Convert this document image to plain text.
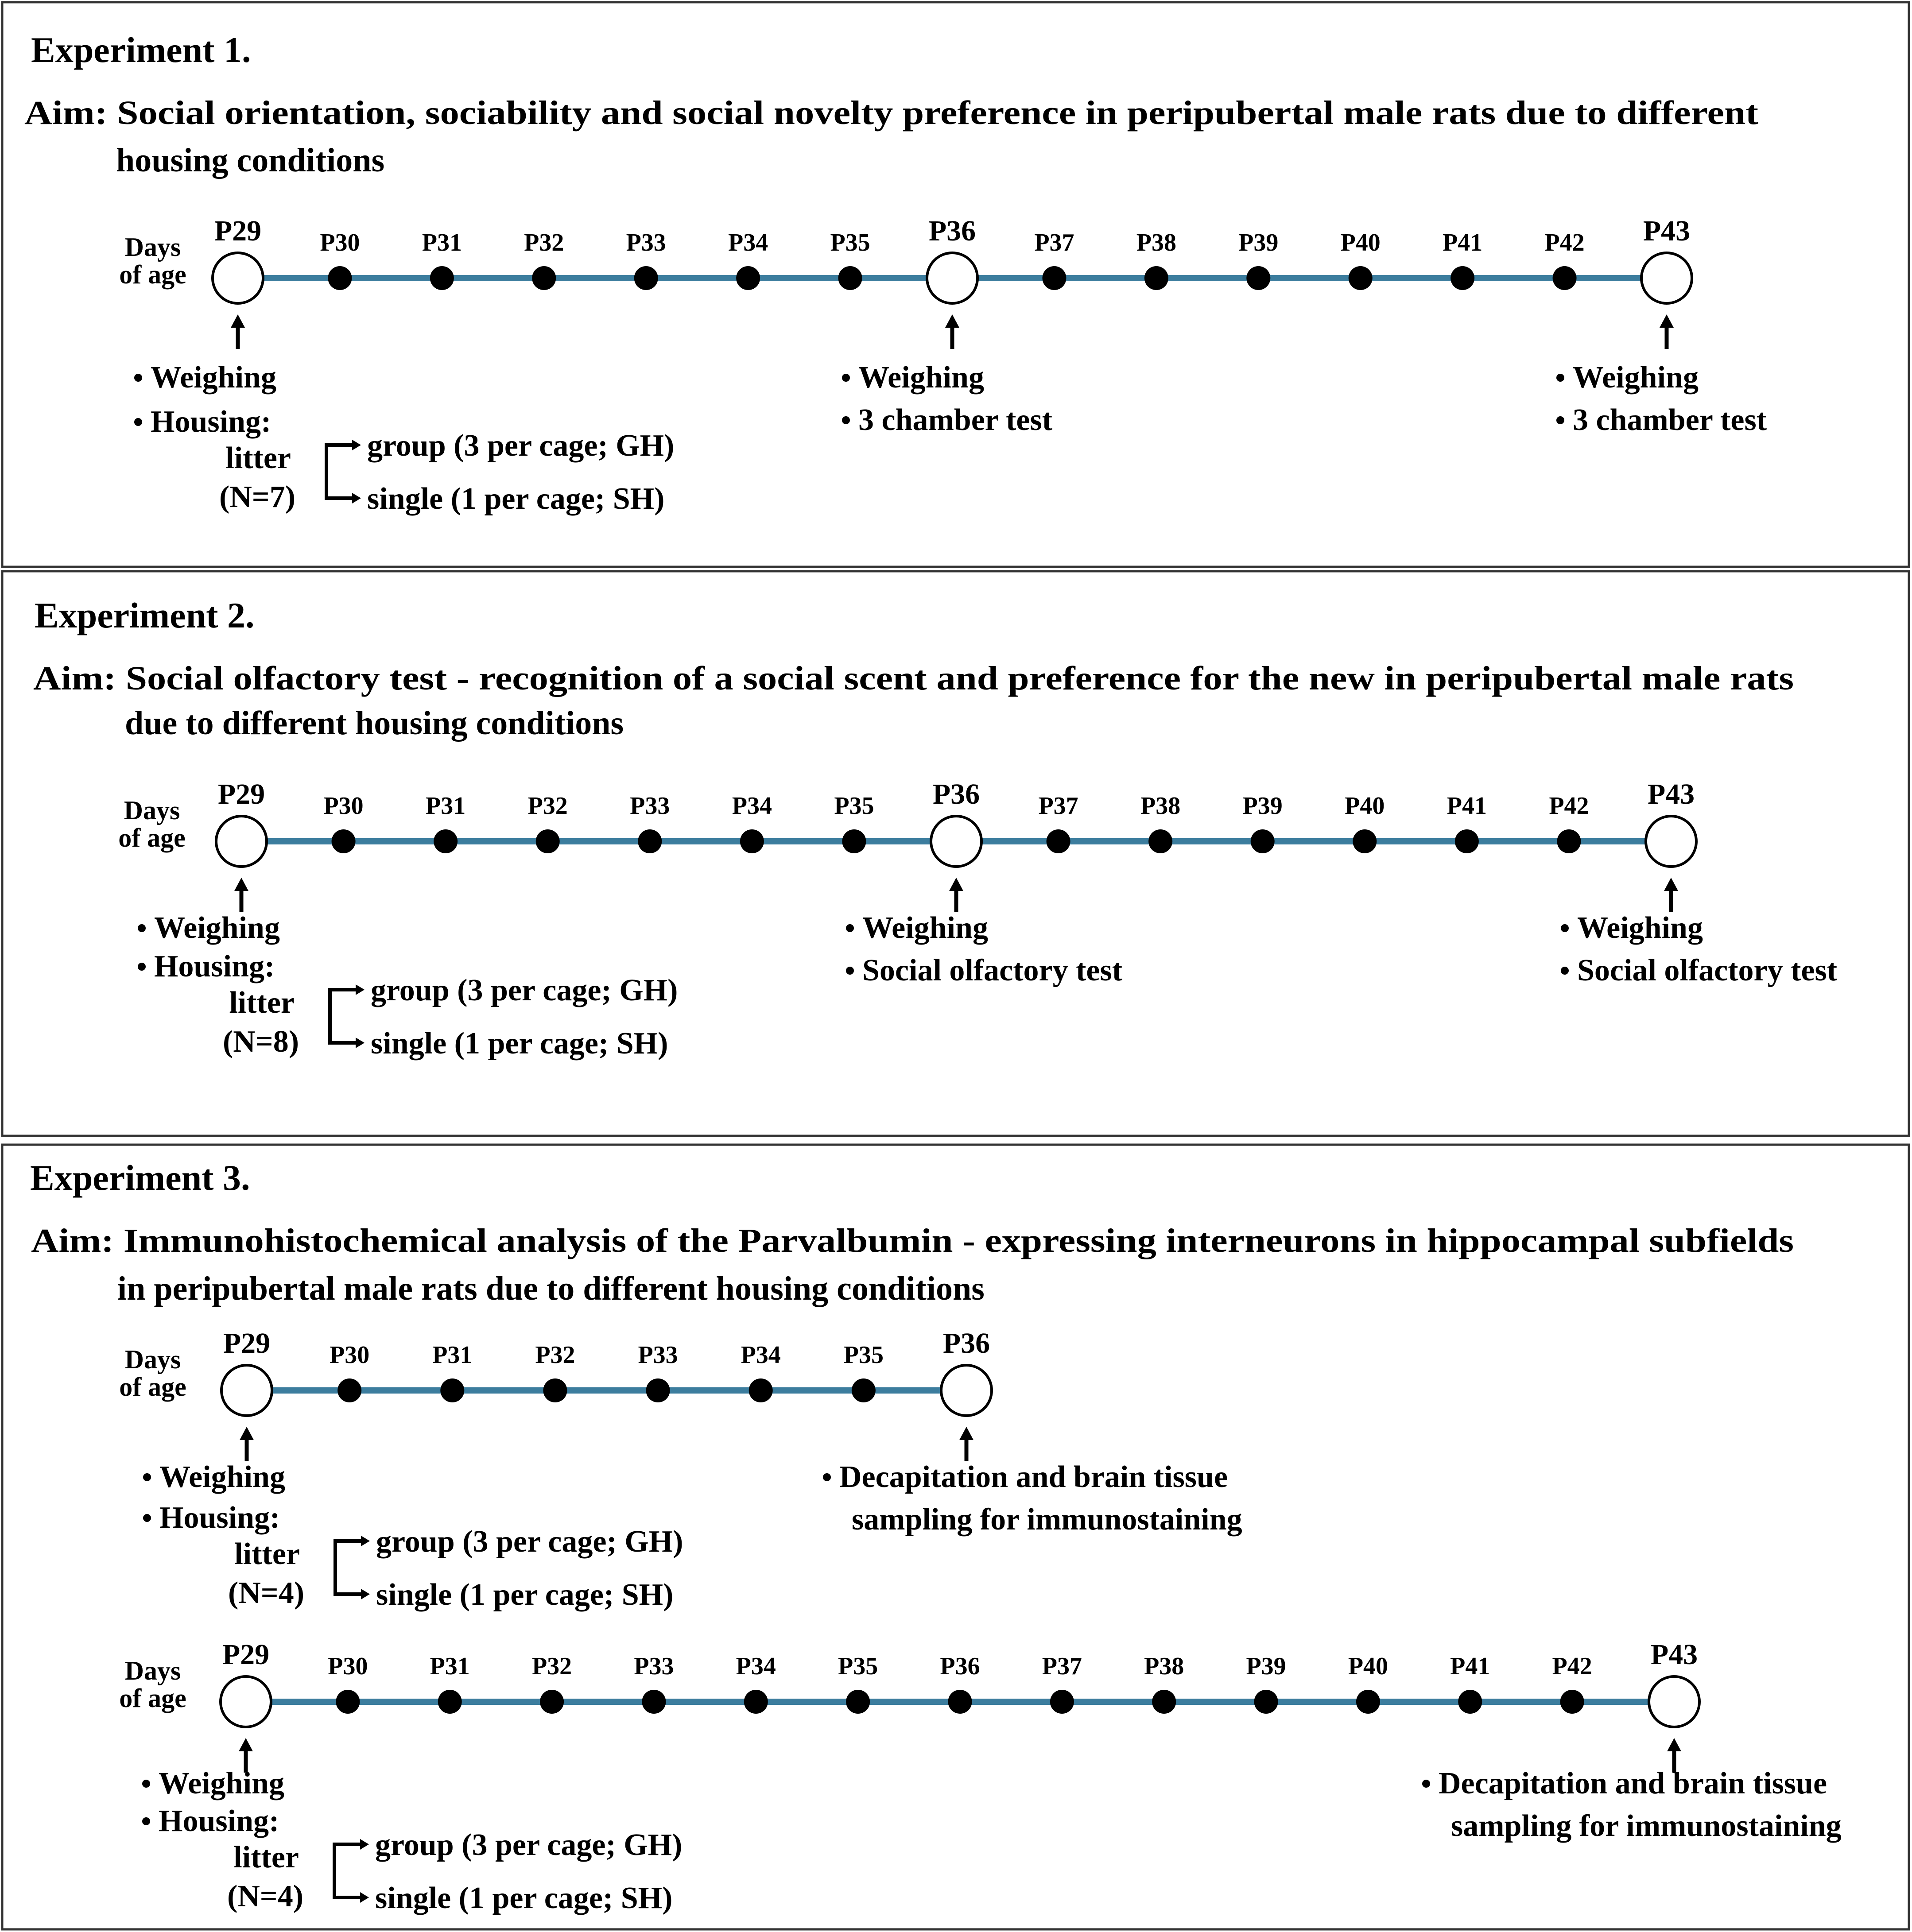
Experiment 1.
Aim: Social orientation, sociability and social novelty preference in peripubertal male rats due to different
housing conditions
Experiment 2.
Aim: Social olfactory test - recognition of a social scent and preference for the new in peripubertal male rats
due to different housing conditions
Experiment 3.
Aim: Immunohistochemical analysis of the Parvalbumin - expressing interneurons in hippocampal subfields
in peripubertal male rats due to different housing conditions
Days
of age
P29 P30	P31	P32	P33	P34	P35 P36 P37	P38	P39	P40	P41	P42 P43
Weighing	Weighing
3 chamber test
Weighing
3 chamber test
Housing:
litter
(N=7)
group (3 per cage; GH)
single (1 per cage; SH)
Days
of age
P29 P30	P31	P32	P33	P34	P35 P36 P37	P38	P39	P40	P41	P42 P43
Weighing	Weighing
Social olfactory test
Weighing
Social olfactory test
Housing:
litter
(N=8)
group (3 per cage; GH)
single (1 per cage; SH)
Days
of age
P29 P30	P31	P32	P33	P34	P35 P36
Weighing	Decapitation and brain tissue
sampling for immunostaining
Housing:
litter
(N=4)
group (3 per cage; GH)
single (1 per cage; SH)
Days
of age
P29 P30	P31	P32	P33	P34	P35	P36	P37	P38	P39	P40	P41	P42 P43
Weighing	Decapitation and brain tissue
sampling for immunostaining
Housing:
litter
(N=4)
group (3 per cage; GH)
single (1 per cage; SH)
